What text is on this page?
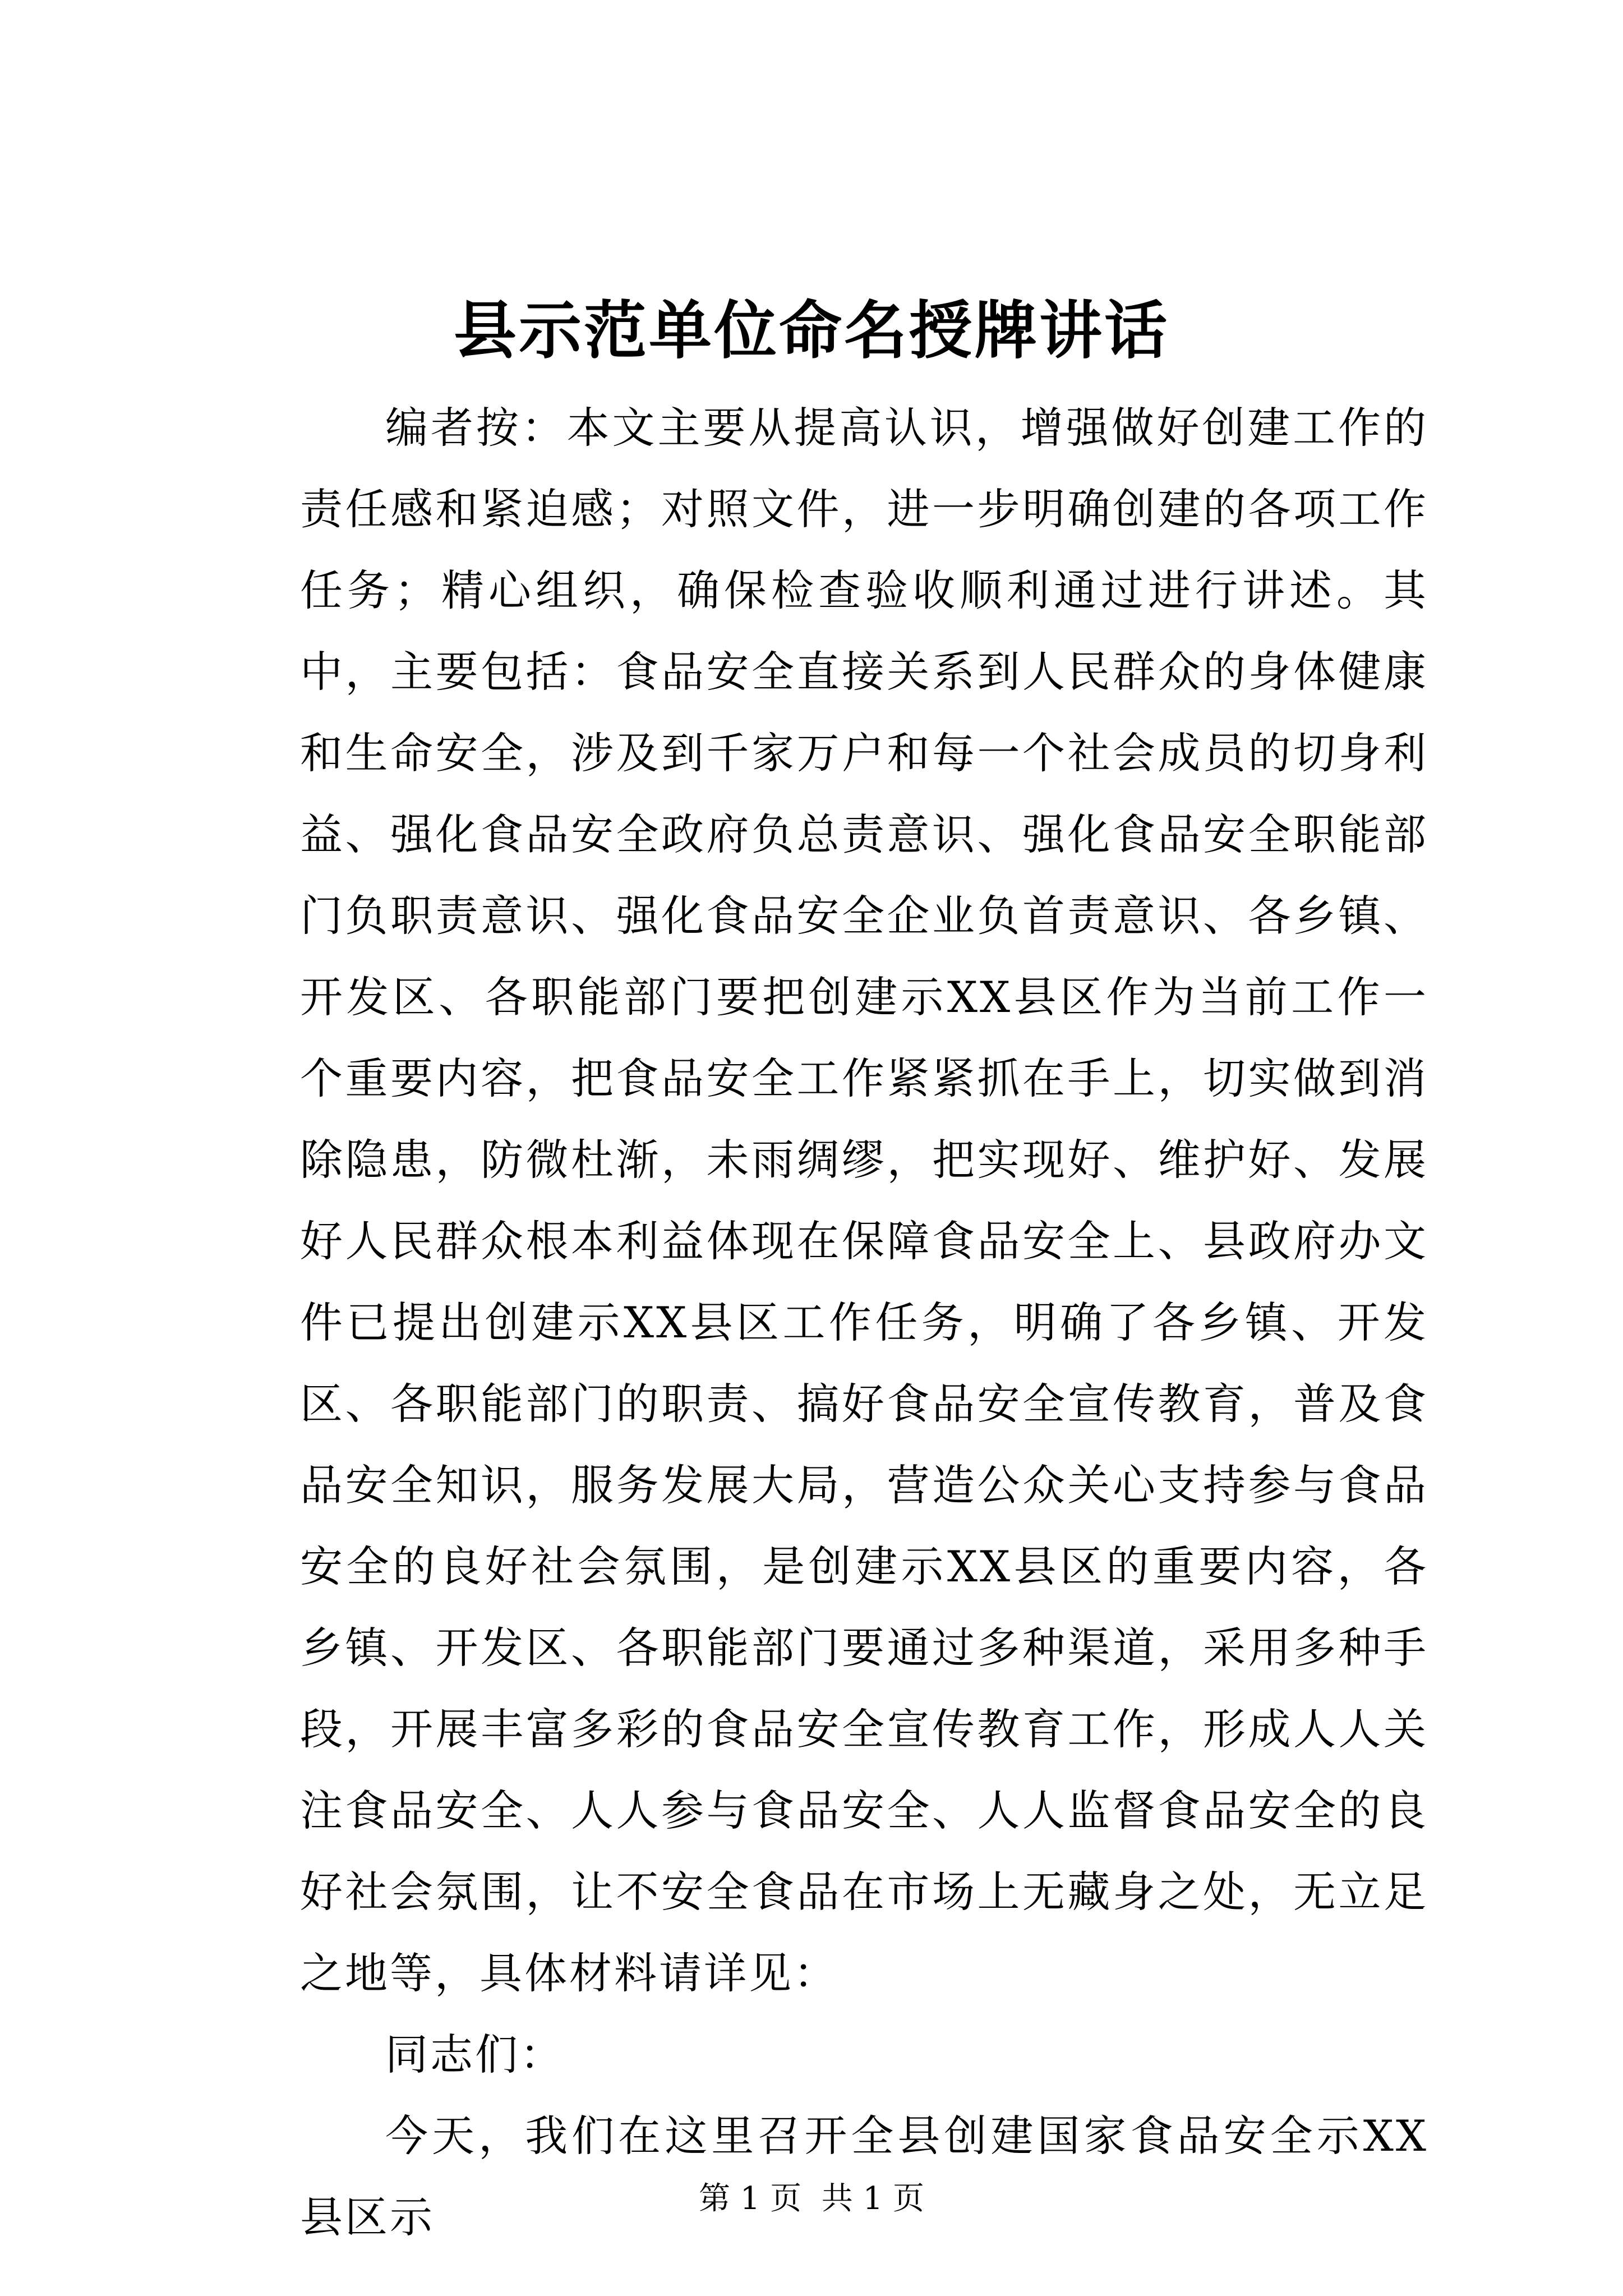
县示范单位命名授牌讲话

编者按：本文主要从提高认识，增强做好创建工作的责任感和紧迫感；对照文件，进一步明确创建的各项工作任务；精心组织，确保检查验收顺利通过进行讲述。其中，主要包括：食品安全直接关系到人民群众的身体健康和生命安全，涉及到千家万户和每一个社会成员的切身利益、强化食品安全政府负总责意识、强化食品安全职能部门负职责意识、强化食品安全企业负首责意识、各乡镇、开发区、各职能部门要把创建示XX县区作为当前工作一个重要内容，把食品安全工作紧紧抓在手上，切实做到消除隐患，防微杜渐，未雨绸缪，把实现好、维护好、发展好人民群众根本利益体现在保障食品安全上、县政府办文件已提出创建示XX县区工作任务，明确了各乡镇、开发区、各职能部门的职责、搞好食品安全宣传教育，普及食品安全知识，服务发展大局，营造公众关心支持参与食品安全的良好社会氛围，是创建示XX县区的重要内容，各乡镇、开发区、各职能部门要通过多种渠道，采用多种手段，开展丰富多彩的食品安全宣传教育工作，形成人人关注食品安全、人人参与食品安全、人人监督食品安全的良好社会氛围，让不安全食品在市场上无藏身之处，无立足之地等，具体材料请详见：

同志们：

今天，我们在这里召开全县创建国家食品安全示XX县区示	第 1 页  共 1 页
